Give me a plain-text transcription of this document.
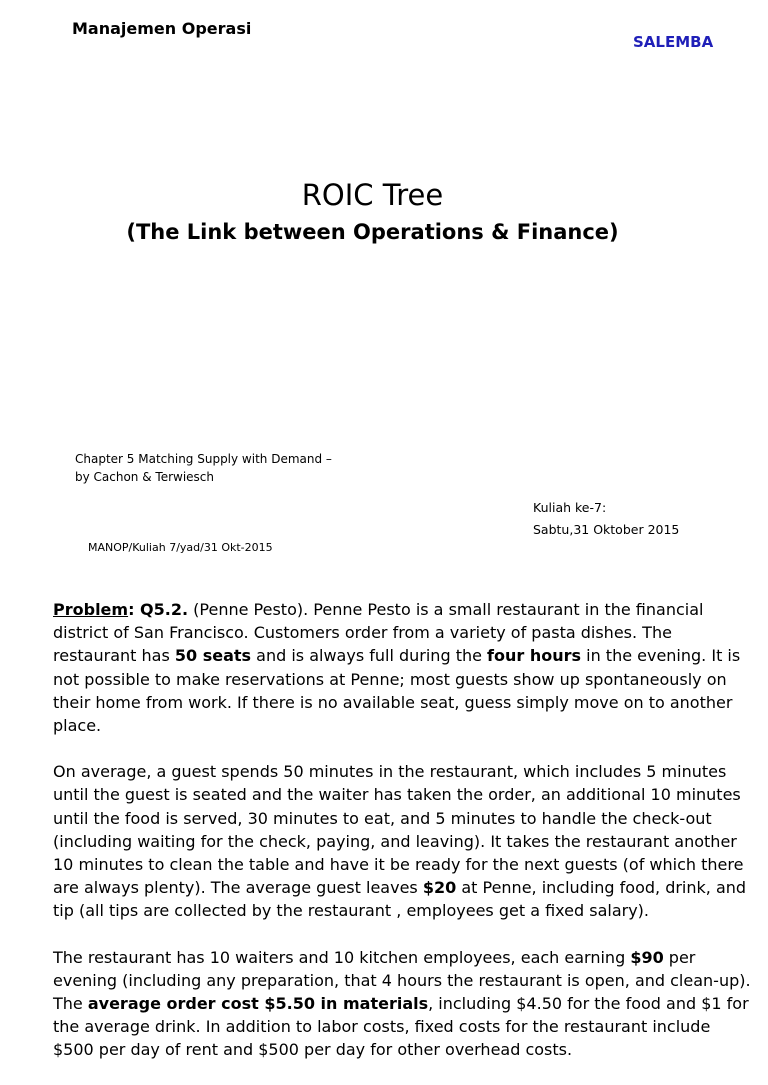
Manajemen Operasi
SALEMBA
ROIC Tree
(The Link between Operations & Finance)
Chapter 5 Matching Supply with Demand –
by Cachon & Terwiesch
Kuliah ke-7:
Sabtu,31 Oktober 2015
MANOP/Kuliah 7/yad/31 Okt-2015

Problem: Q5.2. (Penne Pesto). Penne Pesto is a small restaurant in the financial district of San Francisco. Customers order from a variety of pasta dishes. The restaurant has 50 seats and is always full during the four hours in the evening. It is not possible to make reservations at Penne; most guests show up spontaneously on their home from work. If there is no available seat, guess simply move on to another place.

On average, a guest spends 50 minutes in the restaurant, which includes 5 minutes until the guest is seated and the waiter has taken the order, an additional 10 minutes until the food is served, 30 minutes to eat, and 5 minutes to handle the check-out (including waiting for the check, paying, and leaving). It takes the restaurant another 10 minutes to clean the table and have it be ready for the next guests (of which there are always plenty). The average guest leaves $20 at Penne, including food, drink, and tip (all tips are collected by the restaurant , employees get a fixed salary).

The restaurant has 10 waiters and 10 kitchen employees, each earning $90 per evening (including any preparation, that 4 hours the restaurant is open, and clean-up). The average order cost $5.50 in materials, including $4.50 for the food and $1 for the average drink. In addition to labor costs, fixed costs for the restaurant include $500 per day of rent and $500 per day for other overhead costs.
